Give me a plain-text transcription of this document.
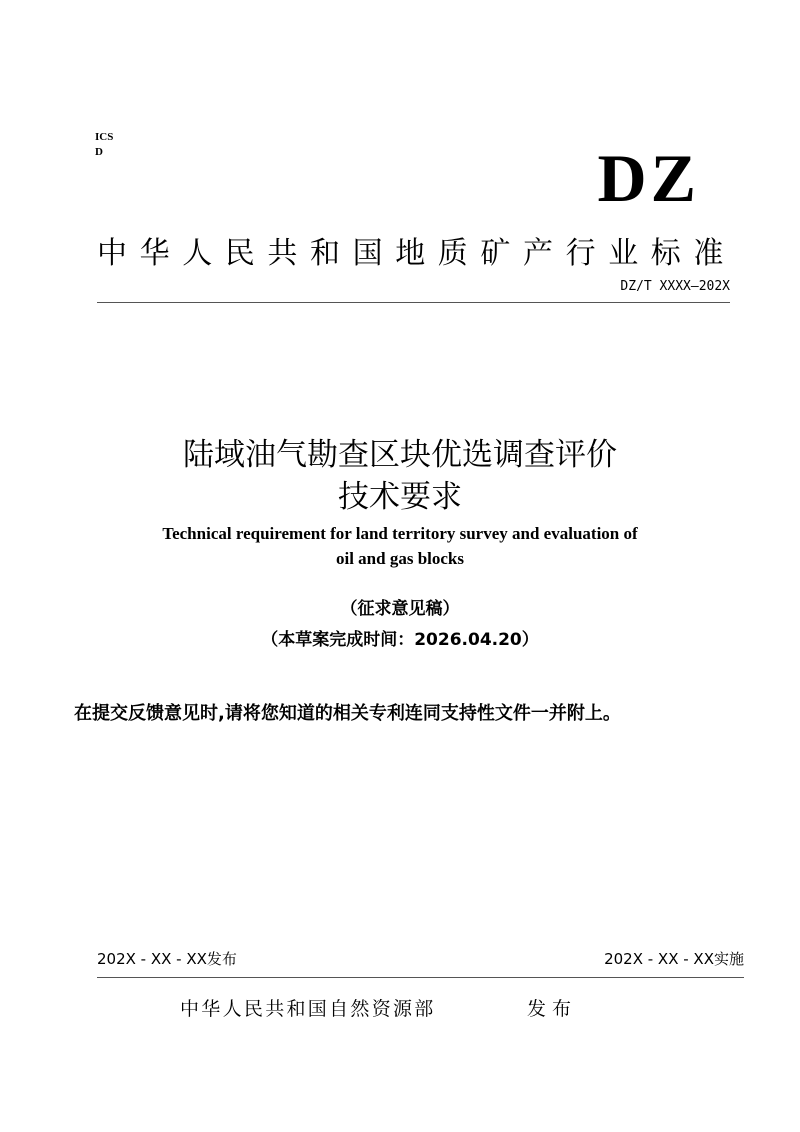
ICS
D	DZ
中华人民共和国地质矿产行业标准
DZ/T XXXX—202X
陆域油气勘查区块优选调查评价
技术要求
Technical requirement for land territory survey and evaluation of
oil and gas blocks
（征求意见稿）
（本草案完成时间：2026.04.20）
在提交反馈意见时,请将您知道的相关专利连同支持性文件一并附上。
202X - XX - XX发布	202X - XX - XX实施
中华人民共和国自然资源部	发布
